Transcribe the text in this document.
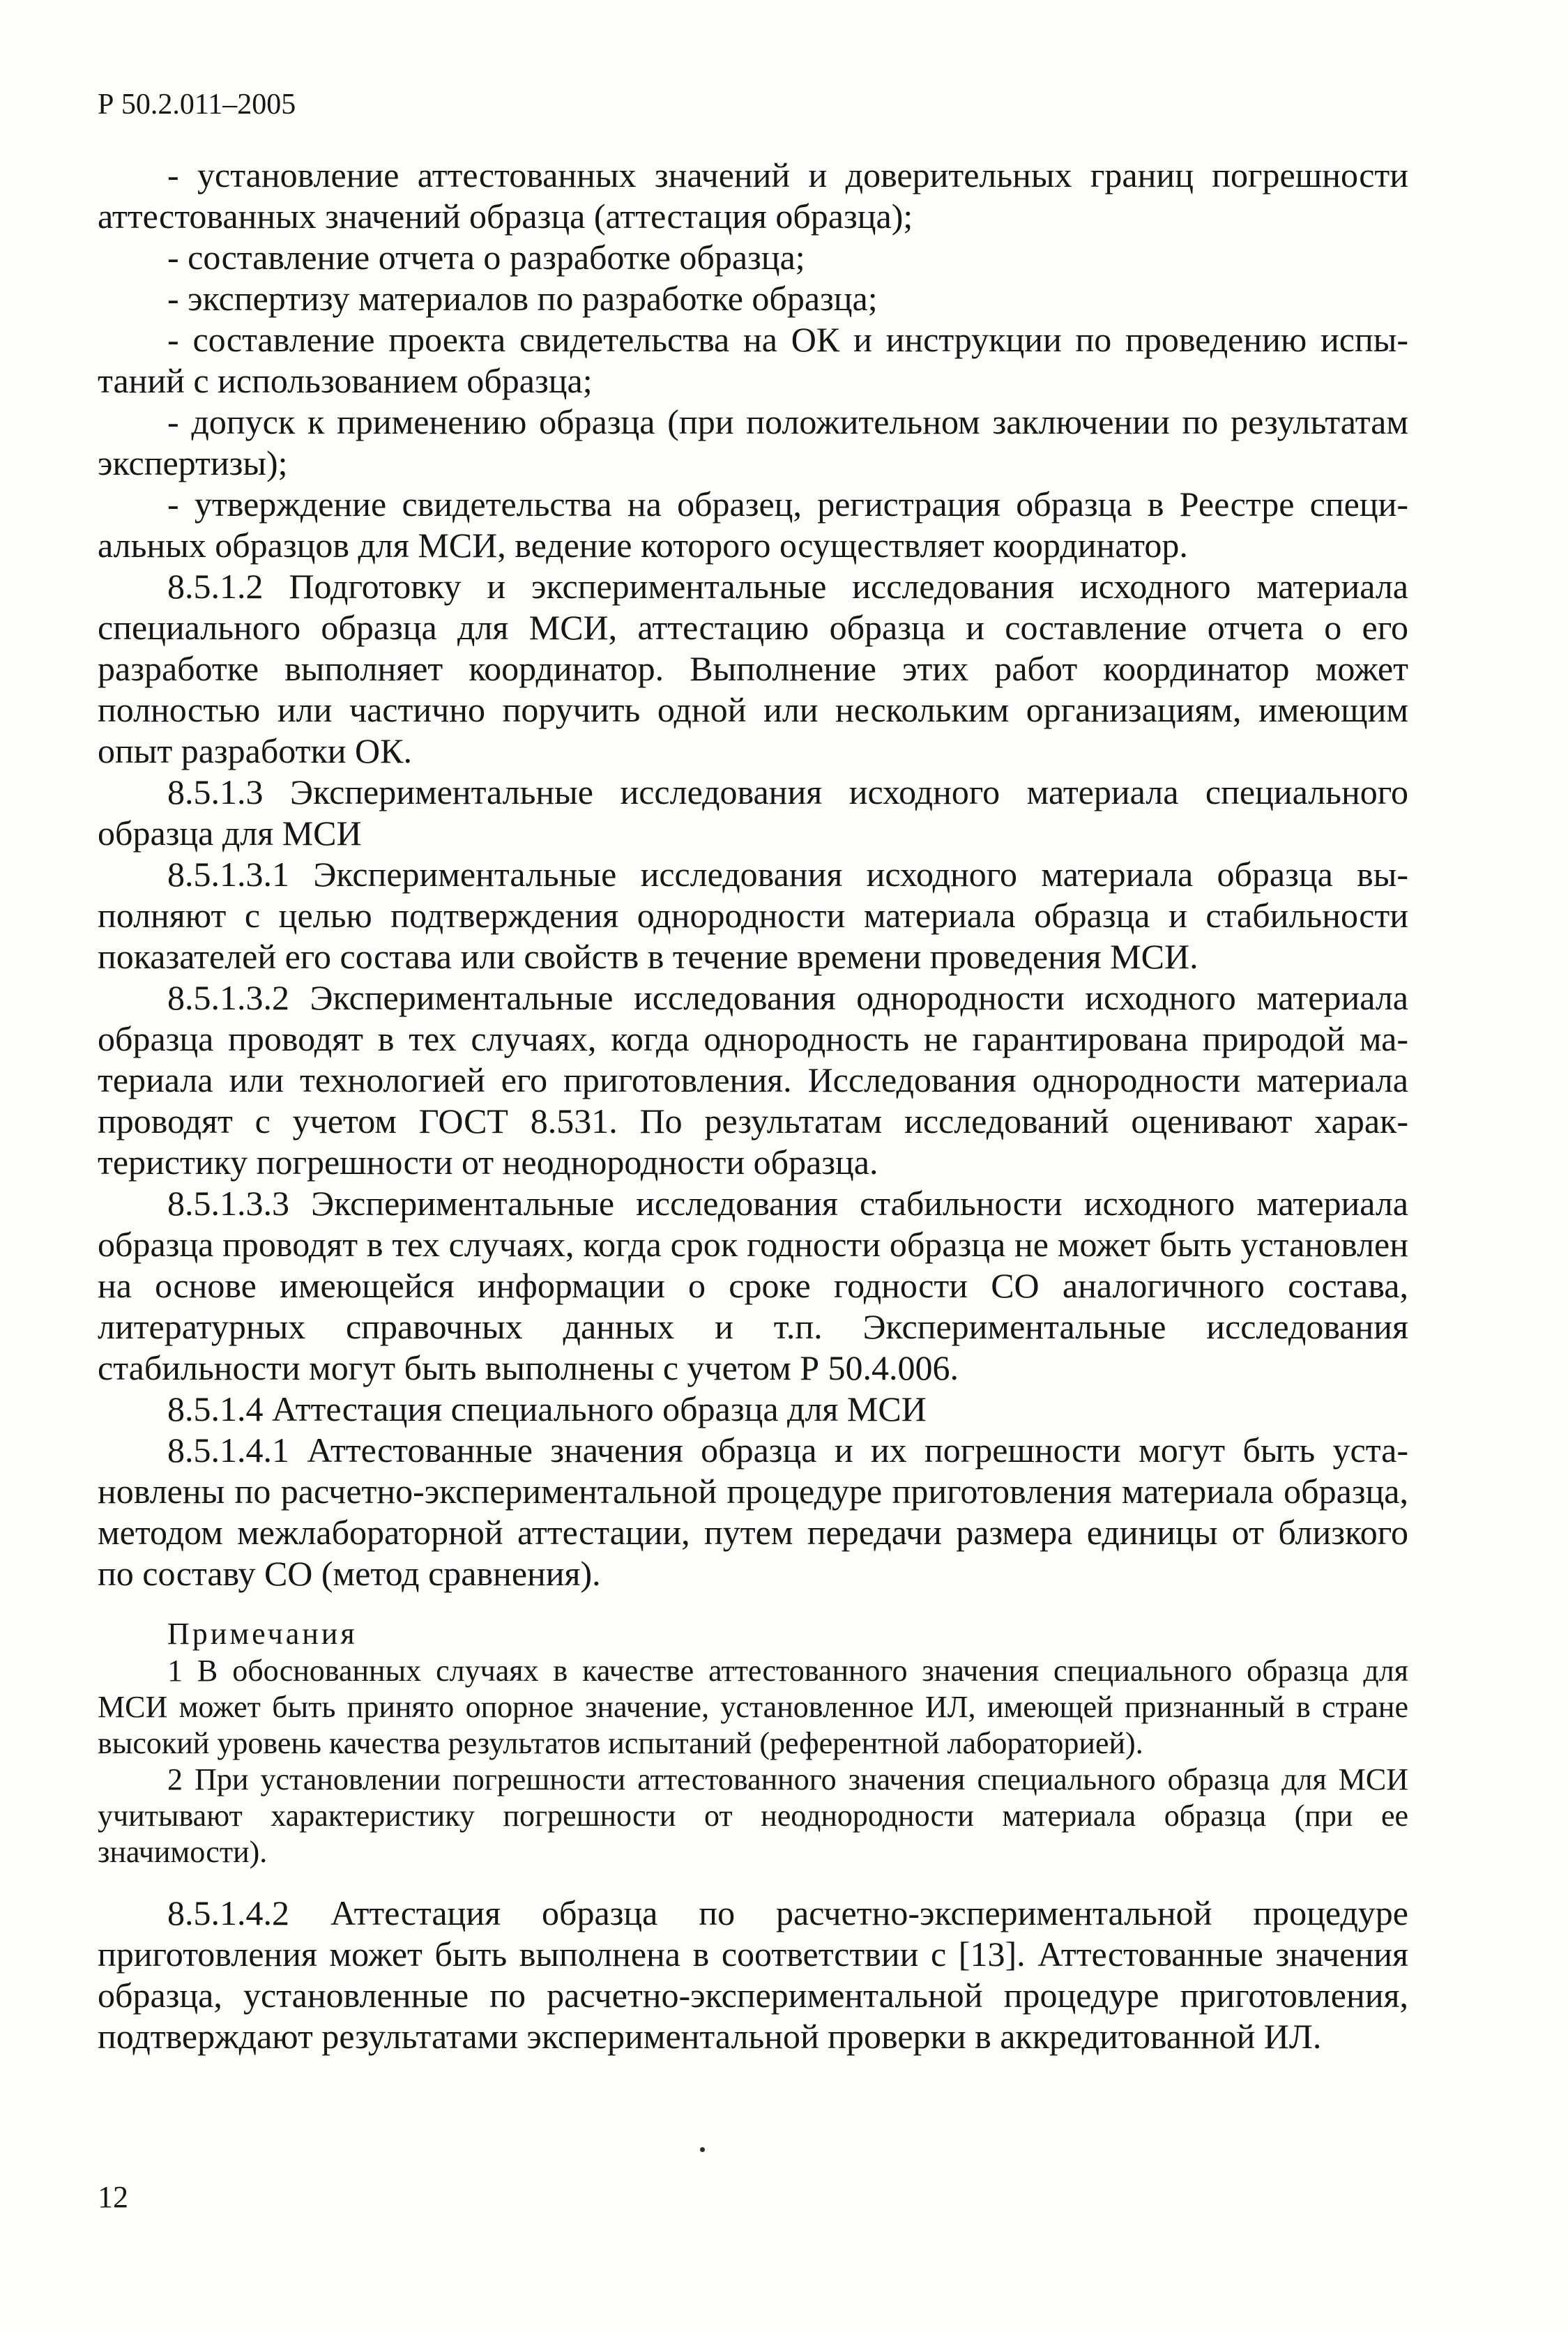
Р 50.2.011–2005

- установление аттестованных значений и доверительных границ погрешности аттестованных значений образца (аттестация образца);

- составление отчета о разработке образца;

- экспертизу материалов по разработке образца;

- составление проекта свидетельства на ОК и инструкции по проведению испытаний с использованием образца;

- допуск к применению образца (при положительном заключении по результатам экспертизы);

- утверждение свидетельства на образец, регистрация образца в Реестре специальных образцов для МСИ, ведение которого осуществляет координатор.

8.5.1.2 Подготовку и экспериментальные исследования исходного материала специального образца для МСИ, аттестацию образца и составление отчета о его разработке выполняет координатор. Выполнение этих работ координатор может полностью или частично поручить одной или нескольким организациям, имеющим опыт разработки ОК.

8.5.1.3 Экспериментальные исследования исходного материала специального образца для МСИ

8.5.1.3.1 Экспериментальные исследования исходного материала образца выполняют с целью подтверждения однородности материала образца и стабильности показателей его состава или свойств в течение времени проведения МСИ.

8.5.1.3.2 Экспериментальные исследования однородности исходного материала образца проводят в тех случаях, когда однородность не гарантирована природой материала или технологией его приготовления. Исследования однородности материала проводят с учетом ГОСТ 8.531. По результатам исследований оценивают характеристику погрешности от неоднородности образца.

8.5.1.3.3 Экспериментальные исследования стабильности исходного материала образца проводят в тех случаях, когда срок годности образца не может быть установлен на основе имеющейся информации о сроке годности СО аналогичного состава, литературных справочных данных и т.п. Экспериментальные исследования стабильности могут быть выполнены с учетом Р 50.4.006.

8.5.1.4 Аттестация специального образца для МСИ

8.5.1.4.1 Аттестованные значения образца и их погрешности могут быть установлены по расчетно-экспериментальной процедуре приготовления материала образца, методом межлабораторной аттестации, путем передачи размера единицы от близкого по составу СО (метод сравнения).

Примечания

1 В обоснованных случаях в качестве аттестованного значения специального образца для МСИ может быть принято опорное значение, установленное ИЛ, имеющей признанный в стране высокий уровень качества результатов испытаний (референтной лабораторией).

2 При установлении погрешности аттестованного значения специального образца для МСИ учитывают характеристику погрешности от неоднородности материала образца (при ее значимости).

8.5.1.4.2 Аттестация образца по расчетно-экспериментальной процедуре приготовления может быть выполнена в соответствии с [13]. Аттестованные значения образца, установленные по расчетно-экспериментальной процедуре приготовления, подтверждают результатами экспериментальной проверки в аккредитованной ИЛ.

12
